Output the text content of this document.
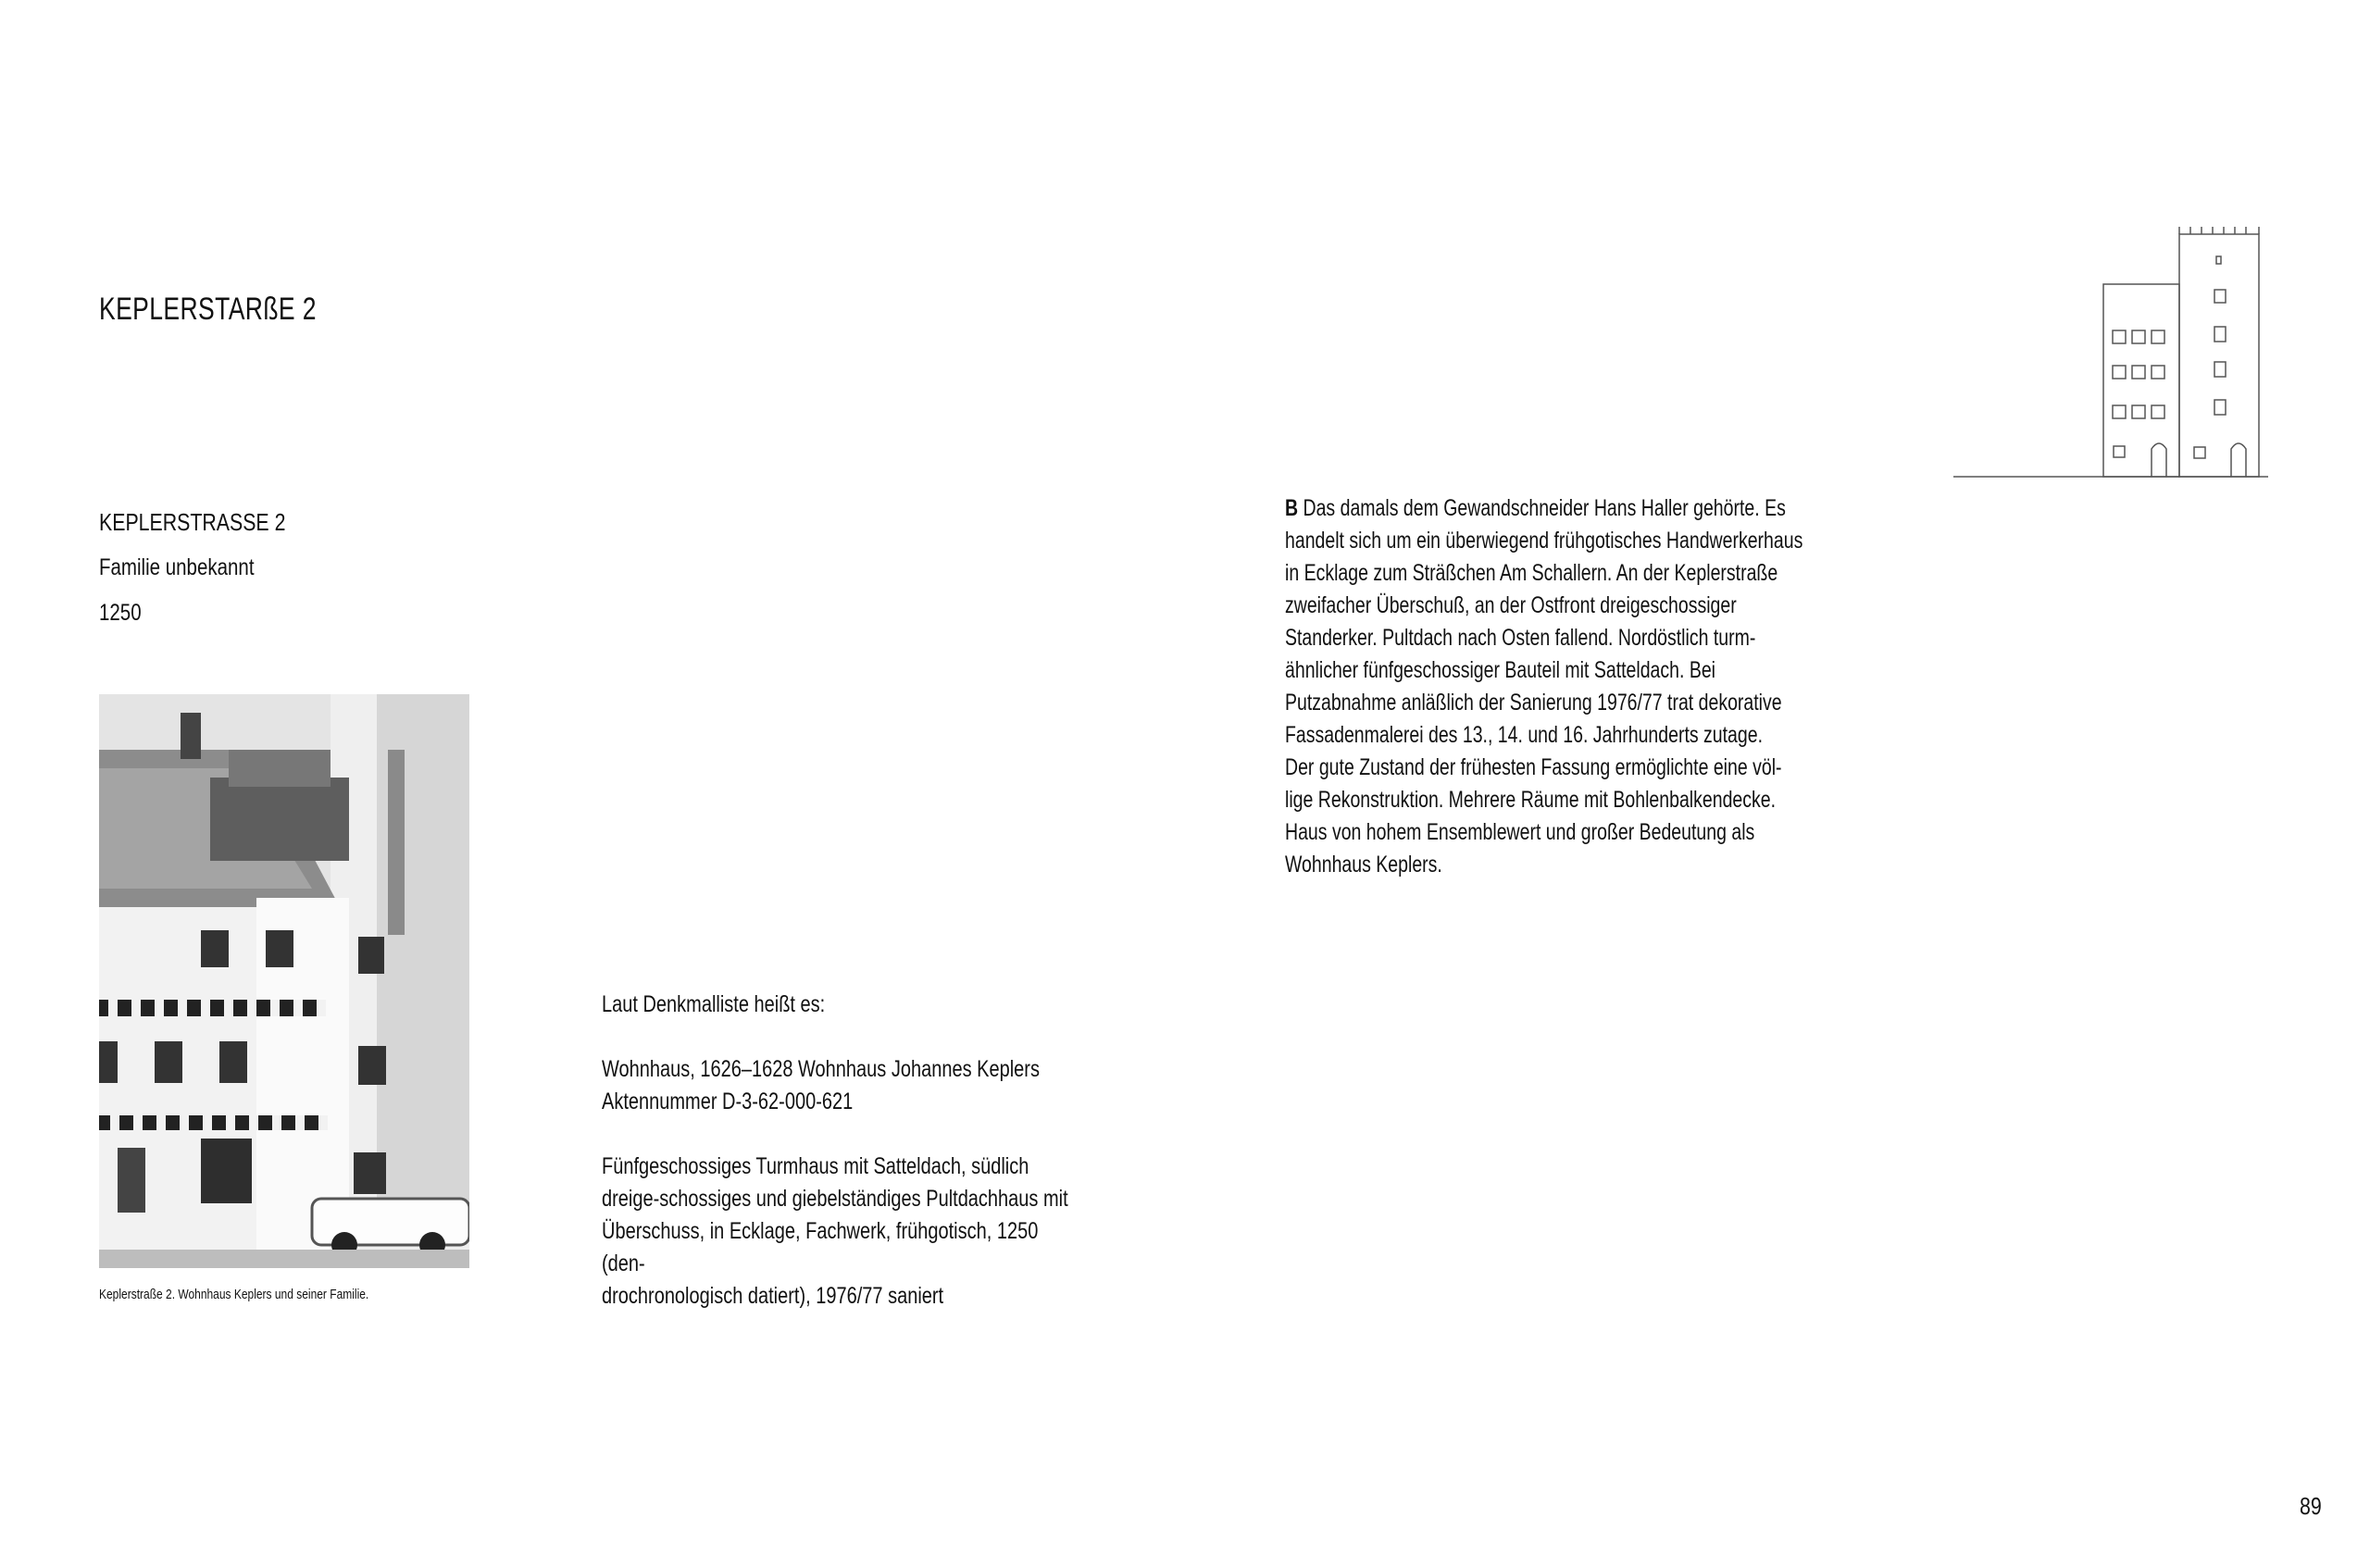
KEPLERSTARßE 2
KEPLERSTRASSE 2
Familie unbekannt
1250
Keplerstraße 2. Wohnhaus Keplers und seiner Familie.

Laut Denkmalliste heißt es:

Wohnhaus, 1626–1628 Wohnhaus Johannes Keplers
Aktennummer D-3-62-000-621

Fünfgeschossiges Turmhaus mit Satteldach, südlich
dreige-schossiges und giebelständiges Pultdachhaus mit
Überschuss, in Ecklage, Fachwerk, frühgotisch, 1250 (den-
drochronologisch datiert), 1976/77 saniert

B Das damals dem Gewandschneider Hans Haller gehörte. Es
handelt sich um ein überwiegend frühgotisches Handwerkerhaus
in Ecklage zum Sträßchen Am Schallern. An der Keplerstraße
zweifacher Überschuß, an der Ostfront dreigeschossiger
Standerker. Pultdach nach Osten fallend. Nordöstlich turm-
ähnlicher fünfgeschossiger Bauteil mit Satteldach. Bei
Putzabnahme anläßlich der Sanierung 1976/77 trat dekorative
Fassadenmalerei des 13., 14. und 16. Jahrhunderts zutage.
Der gute Zustand der frühesten Fassung ermöglichte eine völ-
lige Rekonstruktion. Mehrere Räume mit Bohlenbalkendecke.
Haus von hohem Ensemblewert und großer Bedeutung als
Wohnhaus Keplers.
89
